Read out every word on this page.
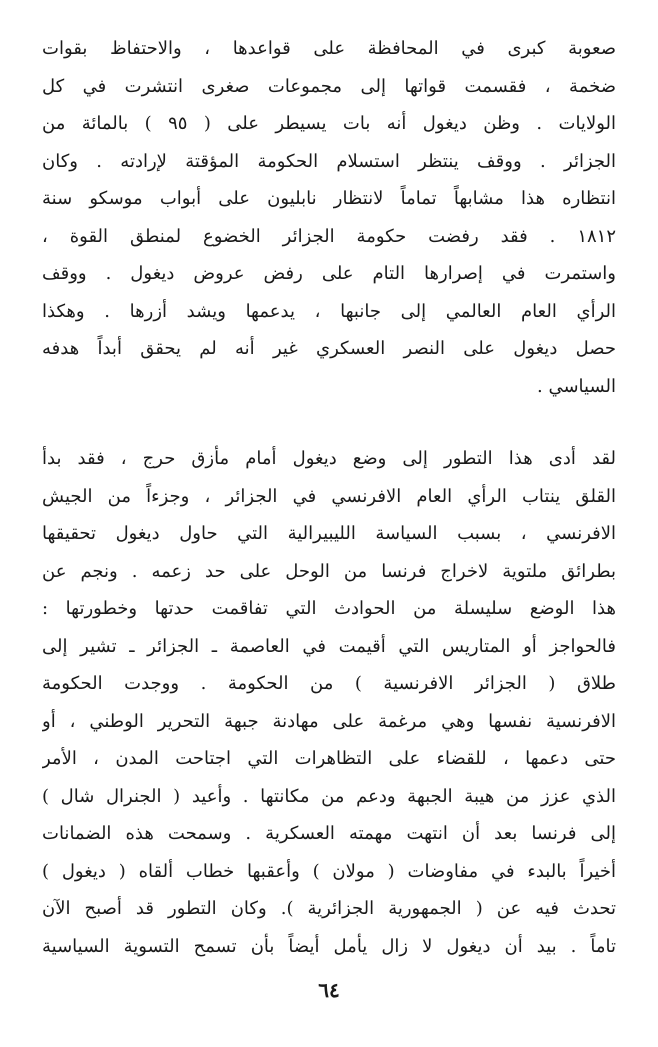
صعوبة كبرى في المحافظة على قواعدها ، والاحتفاظ بقوات
ضخمة ، فقسمت قواتها إلى مجموعات صغرى انتشرت في كل
الولايات . وظن ديغول أنه بات يسيطر على ( ٩٥ ) بالمائة من
الجزائر . ووقف ينتظر استسلام الحكومة المؤقتة لإرادته . وكان
انتظاره هذا مشابهاً تماماً لانتظار نابليون على أبواب موسكو سنة
١٨١٢ . فقد رفضت حكومة الجزائر الخضوع لمنطق القوة ،
واستمرت في إصرارها التام على رفض عروض ديغول . ووقف
الرأي العام العالمي إلى جانبها ، يدعمها ويشد أزرها . وهكذا
حصل ديغول على النصر العسكري غير أنه لم يحقق أبداً هدفه
السياسي .
لقد أدى هذا التطور إلى وضع ديغول أمام مأزق حرج ، فقد بدأ
القلق ينتاب الرأي العام الافرنسي في الجزائر ، وجزءاً من الجيش
الافرنسي ، بسبب السياسة الليبيرالية التي حاول ديغول تحقيقها
بطرائق ملتوية لاخراج فرنسا من الوحل على حد زعمه . ونجم عن
هذا الوضع سليسلة من الحوادث التي تفاقمت حدتها وخطورتها :
فالحواجز أو المتاريس التي أقيمت في العاصمة ـ الجزائر ـ تشير إلى
طلاق ( الجزائر الافرنسية ) من الحكومة . ووجدت الحكومة
الافرنسية نفسها وهي مرغمة على مهادنة جبهة التحرير الوطني ، أو
حتى دعمها ، للقضاء على التظاهرات التي اجتاحت المدن ، الأمر
الذي عزز من هيبة الجبهة ودعم من مكانتها . وأعيد ( الجنرال شال )
إلى فرنسا بعد أن انتهت مهمته العسكرية . وسمحت هذه الضمانات
أخيراً بالبدء في مفاوضات ( مولان ) وأعقبها خطاب ألقاه ( ديغول )
تحدث فيه عن ( الجمهورية الجزائرية ). وكان التطور قد أصبح الآن
تاماً . بيد أن ديغول لا زال يأمل أيضاً بأن تسمح التسوية السياسية
٦٤
